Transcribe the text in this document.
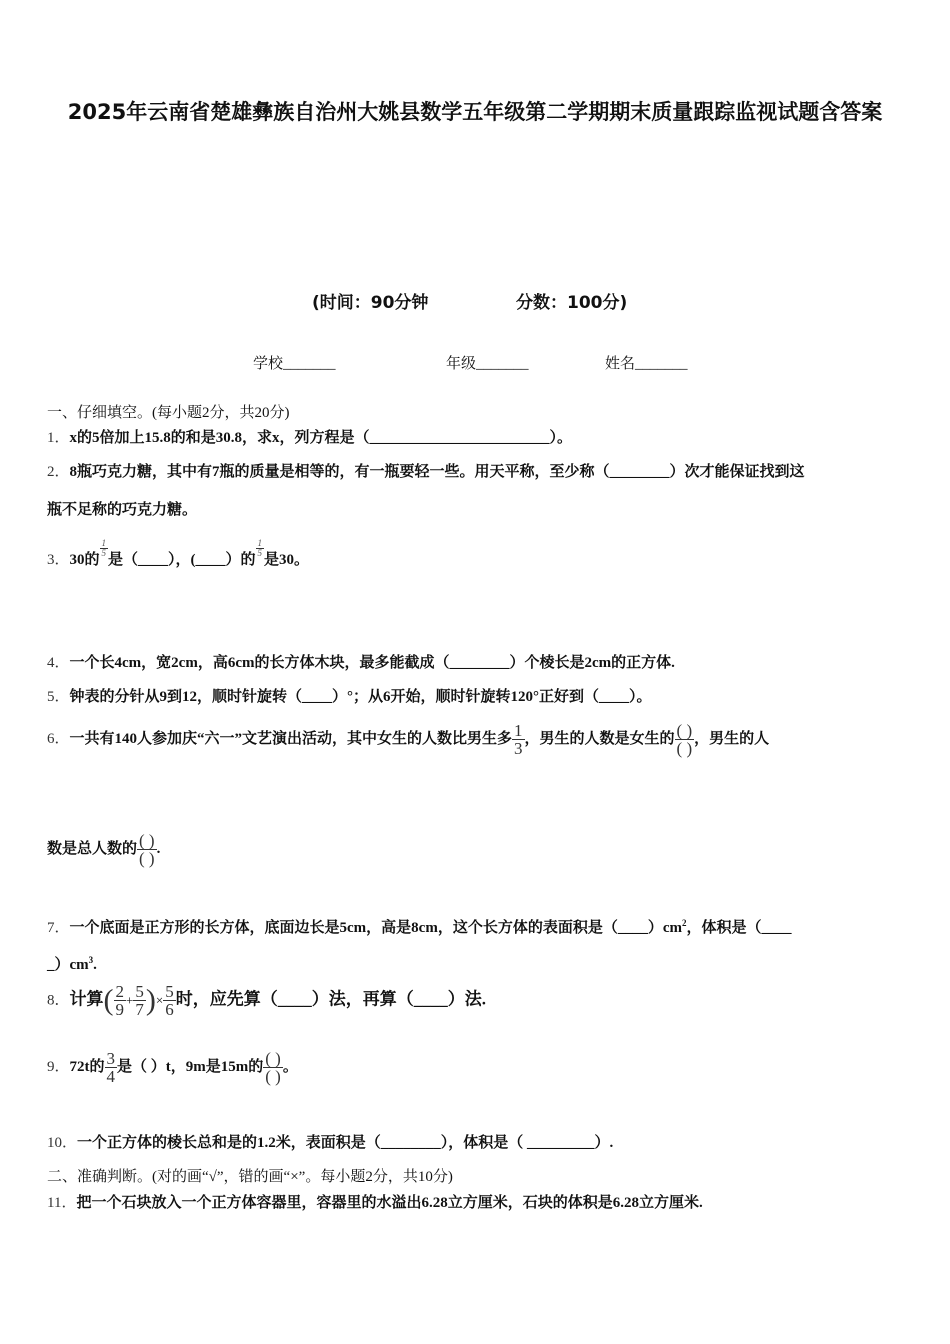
2025年云南省楚雄彝族自治州大姚县数学五年级第二学期期末质量跟踪监视试题含答案
(时间：90分钟	分数：100分)
学校_______	年级_______	姓名_______
一、仔细填空。(每小题2分，共20分)
1．x的5倍加上15.8的和是30.8，求x，列方程是（________________________）。
2．8瓶巧克力糖，其中有7瓶的质量是相等的，有一瓶要轻一些。用天平称，至少称（________）次才能保证找到这
瓶不足称的巧克力糖。
3．30的
$\frac{1}{5}$
是（____），(____）的
$\frac{1}{5}$
是30。
4．一个长4cm，宽2cm，高6cm的长方体木块，最多能截成（________）个棱长是2cm的正方体.
5．钟表的分针从9到12，顺时针旋转（____）°；从6开始，顺时针旋转120°正好到（____）。
6．一共有140人参加庆“六一”文艺演出活动，其中女生的人数比男生多 $\frac{1}{3}$ ，男生的人数是女生的 $\frac{( )}{( )}$ ，男生的人
数是总人数的 $\frac{( )}{( )}$ .
7．一个底面是正方形的长方体，底面边长是5cm，高是8cm，这个长方体的表面积是$(\_\_\_\_)cm^2$，体积是（____
$\_)cm^3$.
8．计算( $\frac{2}{9} + \frac{5}{7}$ )× $\frac{5}{6}$ 时，应先算（____）法，再算（____）法.
9．72t的 $\frac{3}{4}$ 是（ ）t，9m是15m的 $\frac{( )}{( )}$ 。
10．一个正方体的棱长总和是的1.2米，表面积是（________），体积是（ _________）.
二、准确判断。(对的画“√”，错的画“×”。每小题2分，共10分)
11．把一个石块放入一个正方体容器里，容器里的水溢出6.28立方厘米，石块的体积是6.28立方厘米.
